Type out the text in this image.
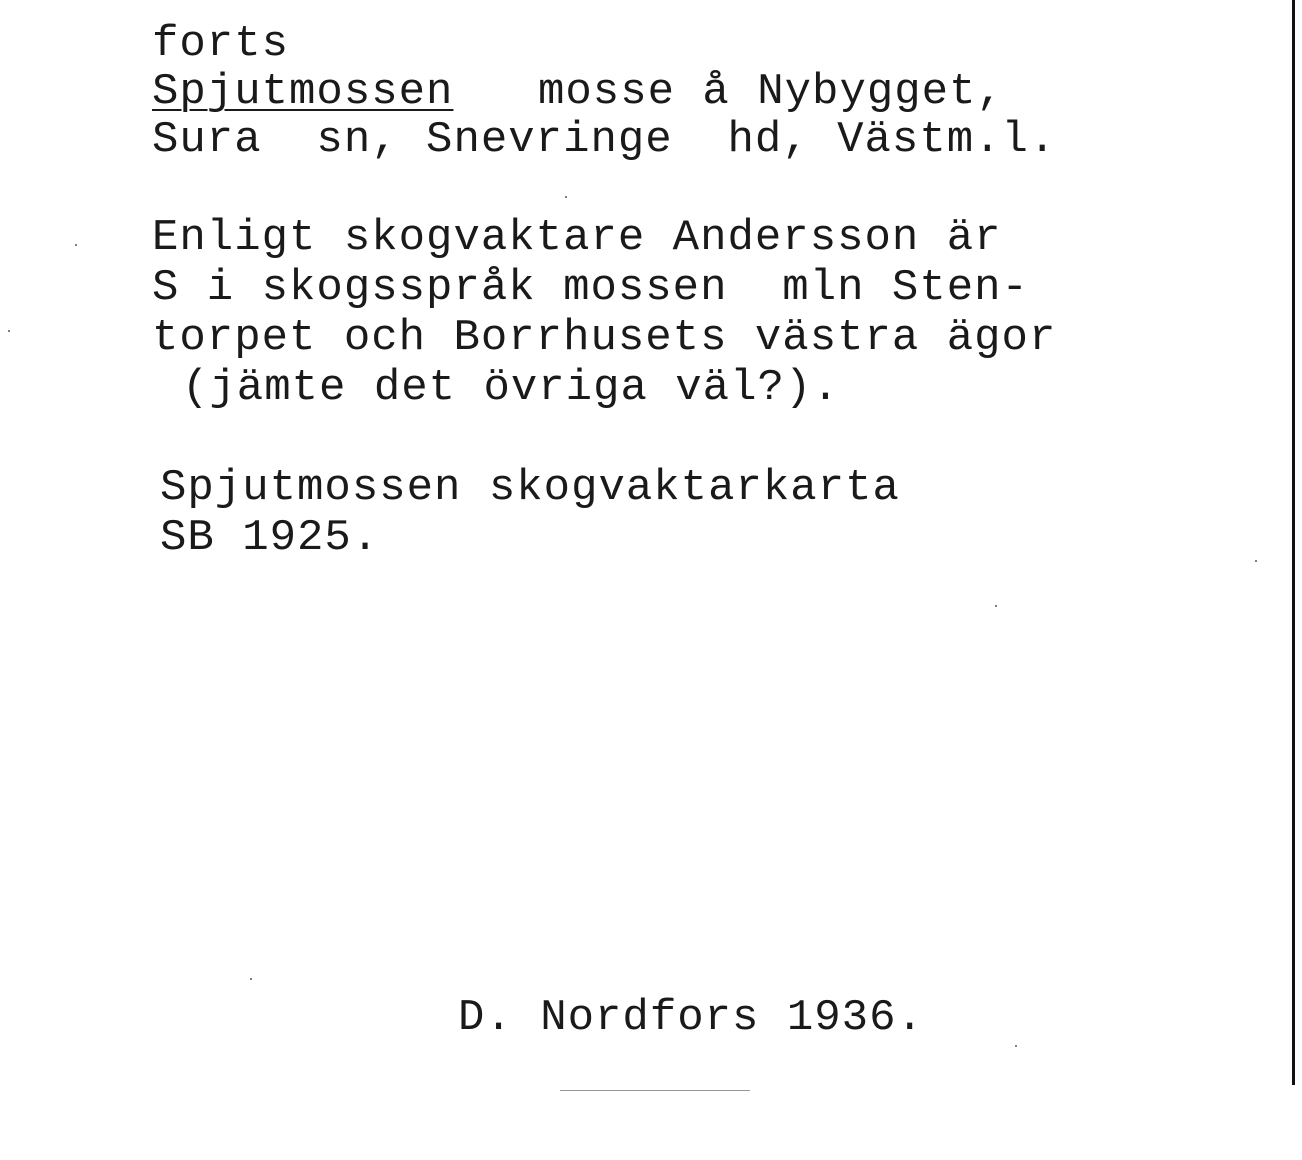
forts
Spjutmossen mosse å Nybygget,
Sura  sn, Snevringe  hd, Västm.l.
Enligt skogvaktare Andersson är
S i skogsspråk mossen  mln Sten-
torpet och Borrhusets västra ägor
(jämte det övriga väl?).
Spjutmossen skogvaktarkarta
SB 1925.
D. Nordfors 1936.
